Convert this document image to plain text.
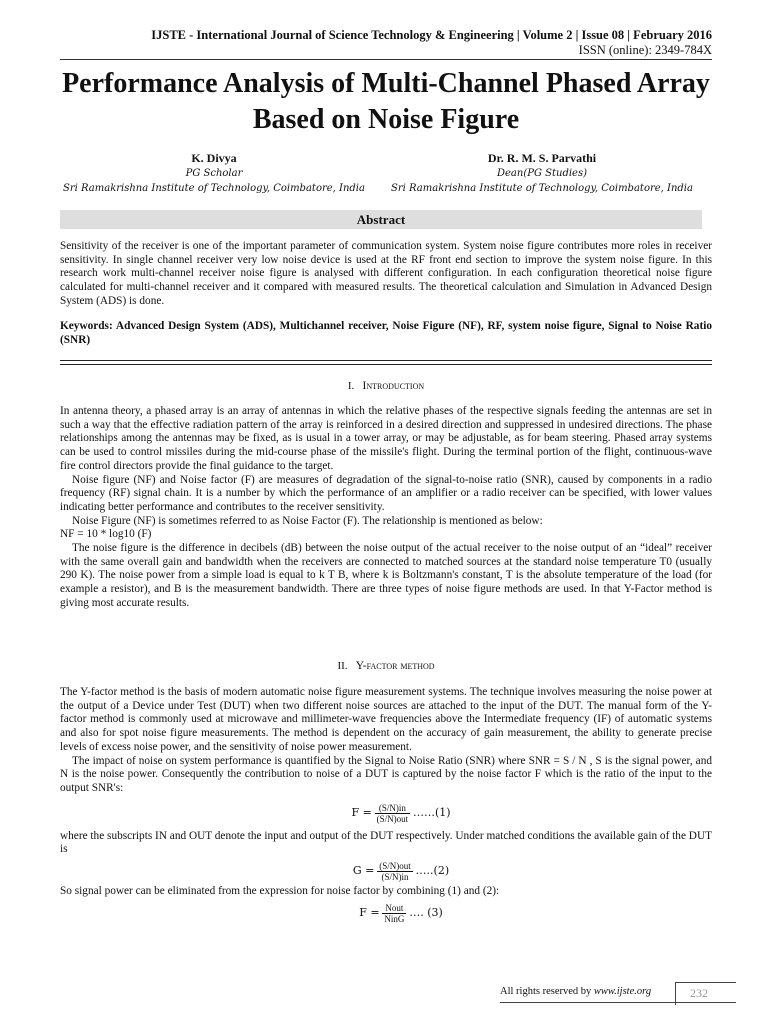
IJSTE - International Journal of Science Technology & Engineering | Volume 2 | Issue 08 | February 2016
ISSN (online): 2349-784X
Performance Analysis of Multi-Channel Phased Array Based on Noise Figure
K. Divya
PG Scholar
Sri Ramakrishna Institute of Technology, Coimbatore, India
Dr. R. M. S. Parvathi
Dean(PG Studies)
Sri Ramakrishna Institute of Technology, Coimbatore, India
Abstract
Sensitivity of the receiver is one of the important parameter of communication system. System noise figure contributes more roles in receiver sensitivity. In single channel receiver very low noise device is used at the RF front end section to improve the system noise figure. In this research work multi-channel receiver noise figure is analysed with different configuration. In each configuration theoretical noise figure calculated for multi-channel receiver and it compared with measured results. The theoretical calculation and Simulation in Advanced Design System (ADS) is done.
Keywords: Advanced Design System (ADS), Multichannel receiver, Noise Figure (NF), RF, system noise figure, Signal to Noise Ratio (SNR)
I. Introduction

In antenna theory, a phased array is an array of antennas in which the relative phases of the respective signals feeding the antennas are set in such a way that the effective radiation pattern of the array is reinforced in a desired direction and suppressed in undesired directions. The phase relationships among the antennas may be fixed, as is usual in a tower array, or may be adjustable, as for beam steering. Phased array systems can be used to control missiles during the mid-course phase of the missile's flight. During the terminal portion of the flight, continuous-wave fire control directors provide the final guidance to the target.

Noise figure (NF) and Noise factor (F) are measures of degradation of the signal-to-noise ratio (SNR), caused by components in a radio frequency (RF) signal chain. It is a number by which the performance of an amplifier or a radio receiver can be specified, with lower values indicating better performance and contributes to the receiver sensitivity.

Noise Figure (NF) is sometimes referred to as Noise Factor (F). The relationship is mentioned as below:

NF = 10 * log10 (F)

The noise figure is the difference in decibels (dB) between the noise output of the actual receiver to the noise output of an “ideal” receiver with the same overall gain and bandwidth when the receivers are connected to matched sources at the standard noise temperature T0 (usually 290 K). The noise power from a simple load is equal to k T B, where k is Boltzmann's constant, T is the absolute temperature of the load (for example a resistor), and B is the measurement bandwidth. There are three types of noise figure methods are used. In that Y-Factor method is giving most accurate results.

II. Y-factor method

The Y-factor method is the basis of modern automatic noise figure measurement systems. The technique involves measuring the noise power at the output of a Device under Test (DUT) when two different noise sources are attached to the input of the DUT. The manual form of the Y-factor method is commonly used at microwave and millimeter-wave frequencies above the Intermediate frequency (IF) of automatic systems and also for spot noise figure measurements. The method is dependent on the accuracy of gain measurement, the ability to generate precise levels of excess noise power, and the sensitivity of noise power measurement.

The impact of noise on system performance is quantified by the Signal to Noise Ratio (SNR) where SNR = S / N , S is the signal power, and N is the noise power. Consequently the contribution to noise of a DUT is captured by the noise factor F which is the ratio of the input to the output SNR's:

$F = \frac{(S/N)in}{\text{(S/N)out}}$ ……(1)

where the subscripts IN and OUT denote the input and output of the DUT respectively. Under matched conditions the available gain of the DUT is

$G = \frac{\text{(S/N)out}}{(S/N)in}$ …..(2)

So signal power can be eliminated from the expression for noise factor by combining (1) and (2):

$F = \frac{\text{Nout}}{\text{NinG}}$ …. (3)
All rights reserved by www.ijste.org	232
